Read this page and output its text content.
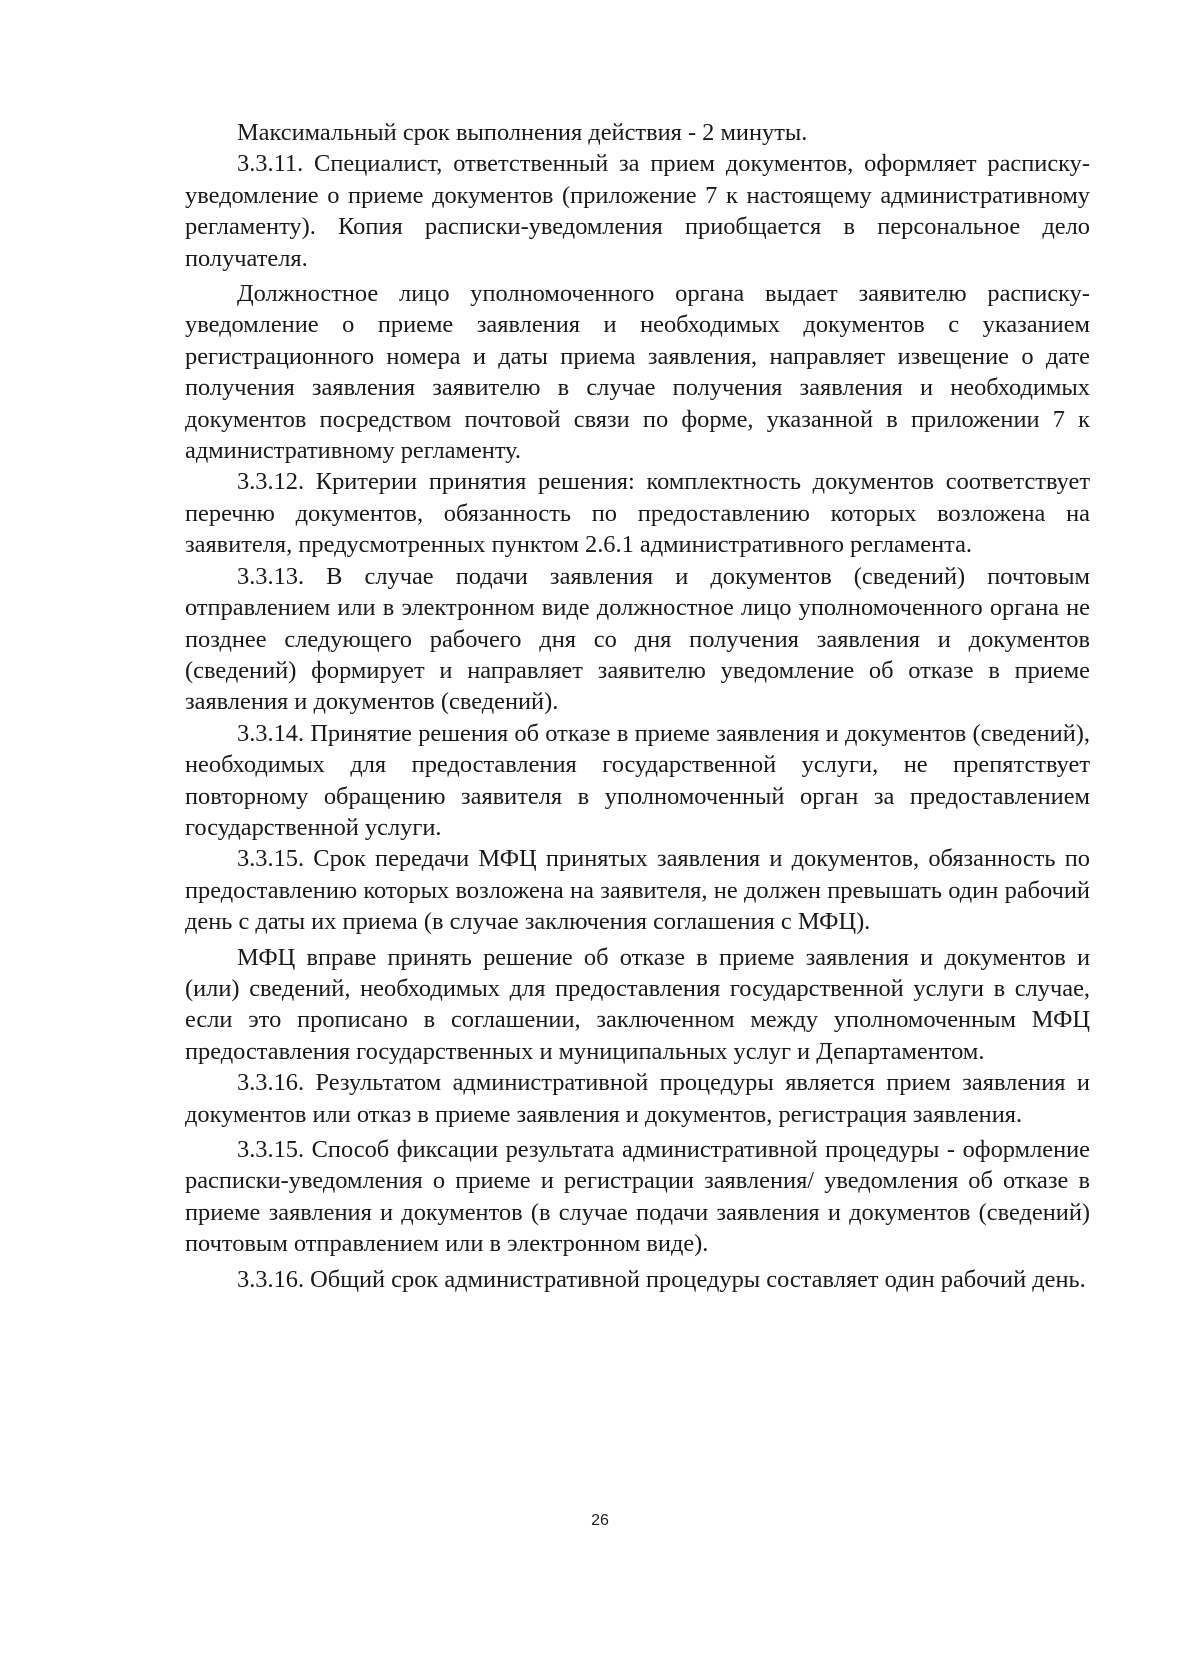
Максимальный срок выполнения действия - 2 минуты.

3.3.11. Специалист, ответственный за прием документов, оформляет расписку-уведомление о приеме документов (приложение 7 к настоящему административному регламенту). Копия расписки-уведомления приобщается в персональное дело получателя.

Должностное лицо уполномоченного органа выдает заявителю расписку-уведомление о приеме заявления и необходимых документов с указанием регистрационного номера и даты приема заявления, направляет извещение о дате получения заявления заявителю в случае получения заявления и необходимых документов посредством почтовой связи по форме, указанной в приложении 7 к административному регламенту.

3.3.12. Критерии принятия решения: комплектность документов соответствует перечню документов, обязанность по предоставлению которых возложена на заявителя, предусмотренных пунктом 2.6.1 административного регламента.

3.3.13. В случае подачи заявления и документов (сведений) почтовым отправлением или в электронном виде должностное лицо уполномоченного органа не позднее следующего рабочего дня со дня получения заявления и документов (сведений) формирует и направляет заявителю уведомление об отказе в приеме заявления и документов (сведений).

3.3.14. Принятие решения об отказе в приеме заявления и документов (сведений), необходимых для предоставления государственной услуги, не препятствует повторному обращению заявителя в уполномоченный орган за предоставлением государственной услуги.

3.3.15. Срок передачи МФЦ принятых заявления и документов, обязанность по предоставлению которых возложена на заявителя, не должен превышать один рабочий день с даты их приема (в случае заключения соглашения с МФЦ).

МФЦ вправе принять решение об отказе в приеме заявления и документов и (или) сведений, необходимых для предоставления государственной услуги в случае, если это прописано в соглашении, заключенном между уполномоченным МФЦ предоставления государственных и муниципальных услуг и Департаментом.

3.3.16. Результатом административной процедуры является прием заявления и документов или отказ в приеме заявления и документов, регистрация заявления.

3.3.15. Способ фиксации результата административной процедуры - оформление расписки-уведомления о приеме и регистрации заявления/ уведомления об отказе в приеме заявления и документов (в случае подачи заявления и документов (сведений) почтовым отправлением или в электронном виде).

3.3.16. Общий срок административной процедуры составляет один рабочий день.

26
